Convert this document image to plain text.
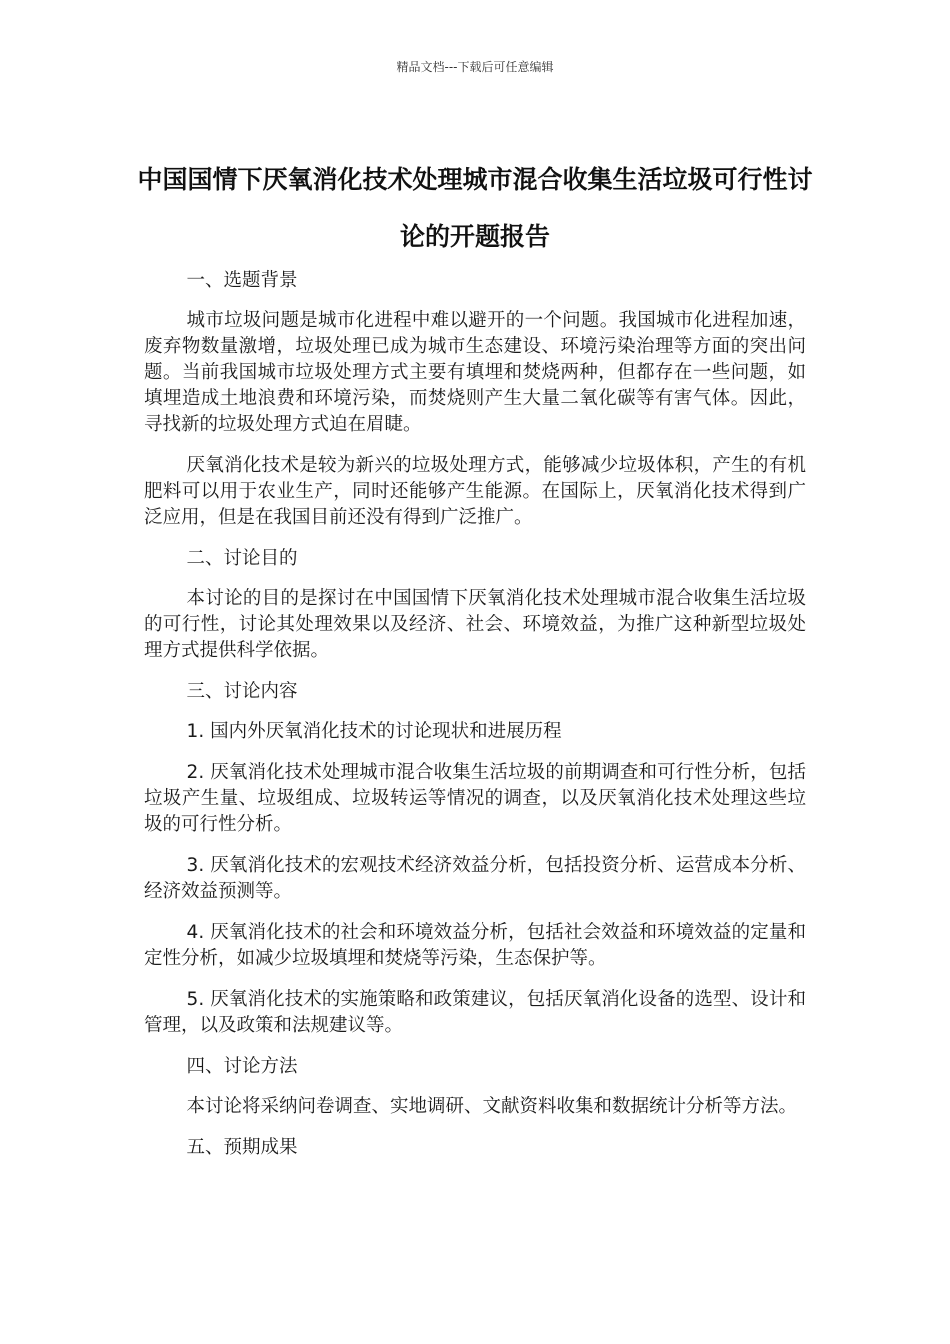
精品文档---下载后可任意编辑
中国国情下厌氧消化技术处理城市混合收集生活垃圾可行性讨论的开题报告

一、选题背景

城市垃圾问题是城市化进程中难以避开的一个问题。我国城市化进程加速，废弃物数量激增，垃圾处理已成为城市生态建设、环境污染治理等方面的突出问题。当前我国城市垃圾处理方式主要有填埋和焚烧两种，但都存在一些问题，如填埋造成土地浪费和环境污染，而焚烧则产生大量二氧化碳等有害气体。因此，寻找新的垃圾处理方式迫在眉睫。

厌氧消化技术是较为新兴的垃圾处理方式，能够减少垃圾体积，产生的有机肥料可以用于农业生产，同时还能够产生能源。在国际上，厌氧消化技术得到广泛应用，但是在我国目前还没有得到广泛推广。

二、讨论目的

本讨论的目的是探讨在中国国情下厌氧消化技术处理城市混合收集生活垃圾的可行性，讨论其处理效果以及经济、社会、环境效益，为推广这种新型垃圾处理方式提供科学依据。

三、讨论内容

1. 国内外厌氧消化技术的讨论现状和进展历程

2. 厌氧消化技术处理城市混合收集生活垃圾的前期调查和可行性分析，包括垃圾产生量、垃圾组成、垃圾转运等情况的调查，以及厌氧消化技术处理这些垃圾的可行性分析。

3. 厌氧消化技术的宏观技术经济效益分析，包括投资分析、运营成本分析、经济效益预测等。

4. 厌氧消化技术的社会和环境效益分析，包括社会效益和环境效益的定量和定性分析，如减少垃圾填埋和焚烧等污染，生态保护等。

5. 厌氧消化技术的实施策略和政策建议，包括厌氧消化设备的选型、设计和管理，以及政策和法规建议等。

四、讨论方法

本讨论将采纳问卷调查、实地调研、文献资料收集和数据统计分析等方法。

五、预期成果
